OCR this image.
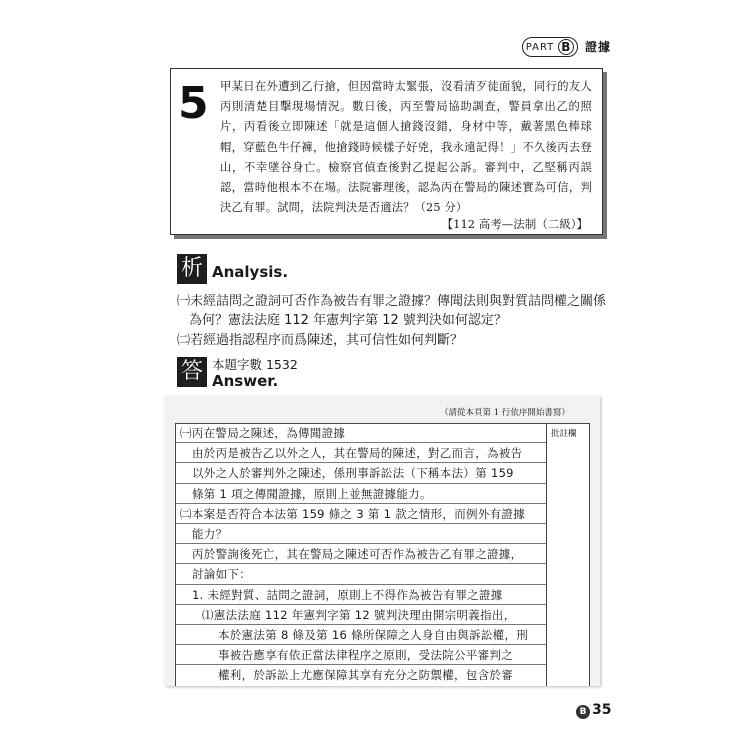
PART B 證據
5 甲某日在外遭到乙行搶，但因當時太緊張，沒看清歹徒面貌，同行的友人丙則清楚目擊現場情況。數日後，丙至警局協助調查，警員拿出乙的照片，丙看後立即陳述「就是這個人搶錢沒錯，身材中等，戴著黑色棒球帽，穿藍色牛仔褲，他搶錢時候樣子好兇，我永遠記得！」不久後丙去登山，不幸墜谷身亡。檢察官偵查後對乙提起公訴。審判中，乙堅稱丙誤認，當時他根本不在場。法院審理後，認為丙在警局的陳述實為可信，判決乙有罪。試問，法院判決是否適法？（25 分）

【112 高考—法制（二級）】
析 Analysis.
㈠未經詰問之證詞可否作為被告有罪之證據？傳聞法則與對質詰問權之關係
為何？憲法法庭 112 年憲判字第 12 號判決如何認定？
㈡若經過指認程序而爲陳述，其可信性如何判斷？
答 本題字數 1532
Answer.
（請從本頁第 1 行依序開始書寫）
批註欄
㈠丙在警局之陳述，為傳聞證據
由於丙是被告乙以外之人，其在警局的陳述，對乙而言，為被告
以外之人於審判外之陳述，係刑事訴訟法（下稱本法）第 159
條第 1 項之傳聞證據，原則上並無證據能力。
㈡本案是否符合本法第 159 條之 3 第 1 款之情形，而例外有證據
能力？
丙於警詢後死亡，其在警局之陳述可否作為被告乙有罪之證據，
討論如下：
1. 未經對質、詰問之證詞，原則上不得作為被告有罪之證據
⑴憲法法庭 112 年憲判字第 12 號判決理由開宗明義指出，
本於憲法第 8 條及第 16 條所保障之人身自由與訴訟權，刑
事被告應享有依正當法律程序之原則，受法院公平審判之
B 35
權利，於訴訟上尤應保障其享有充分之防禦權，包含於審
